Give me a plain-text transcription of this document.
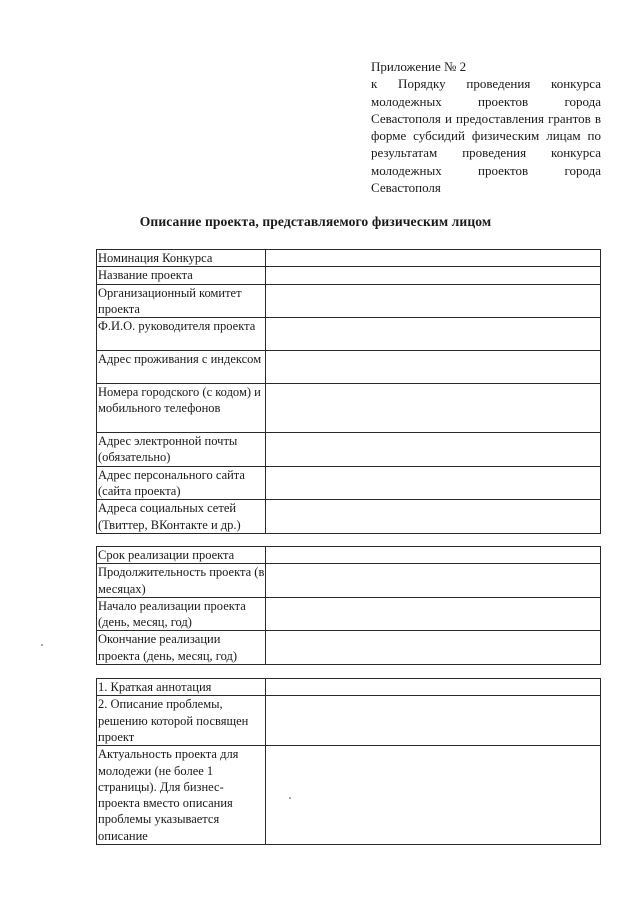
Приложение № 2
к Порядку проведения конкурса молодежных проектов города Севастополя и предоставления грантов в форме субсидий физическим лицам по результатам проведения конкурса молодежных проектов города Севастополя
Описание проекта, представляемого физическим лицом
Номинация Конкурса	
Название проекта	
Организационный комитет проекта	
Ф.И.О. руководителя проекта	
Адрес проживания с индексом	
Номера городского (с кодом) и мобильного телефонов	
Адрес электронной почты (обязательно)	
Адрес персонального сайта (сайта проекта)	
Адреса социальных сетей (Твиттер, ВКонтакте и др.)	
Срок реализации проекта	
Продолжительность проекта (в месяцах)	
Начало реализации проекта (день, месяц, год)	
Окончание реализации проекта (день, месяц, год)	
1. Краткая аннотация	
2. Описание проблемы, решению которой посвящен проект	
Актуальность проекта для молодежи (не более 1 страницы). Для бизнес-проекта вместо описания проблемы указывается описание	
